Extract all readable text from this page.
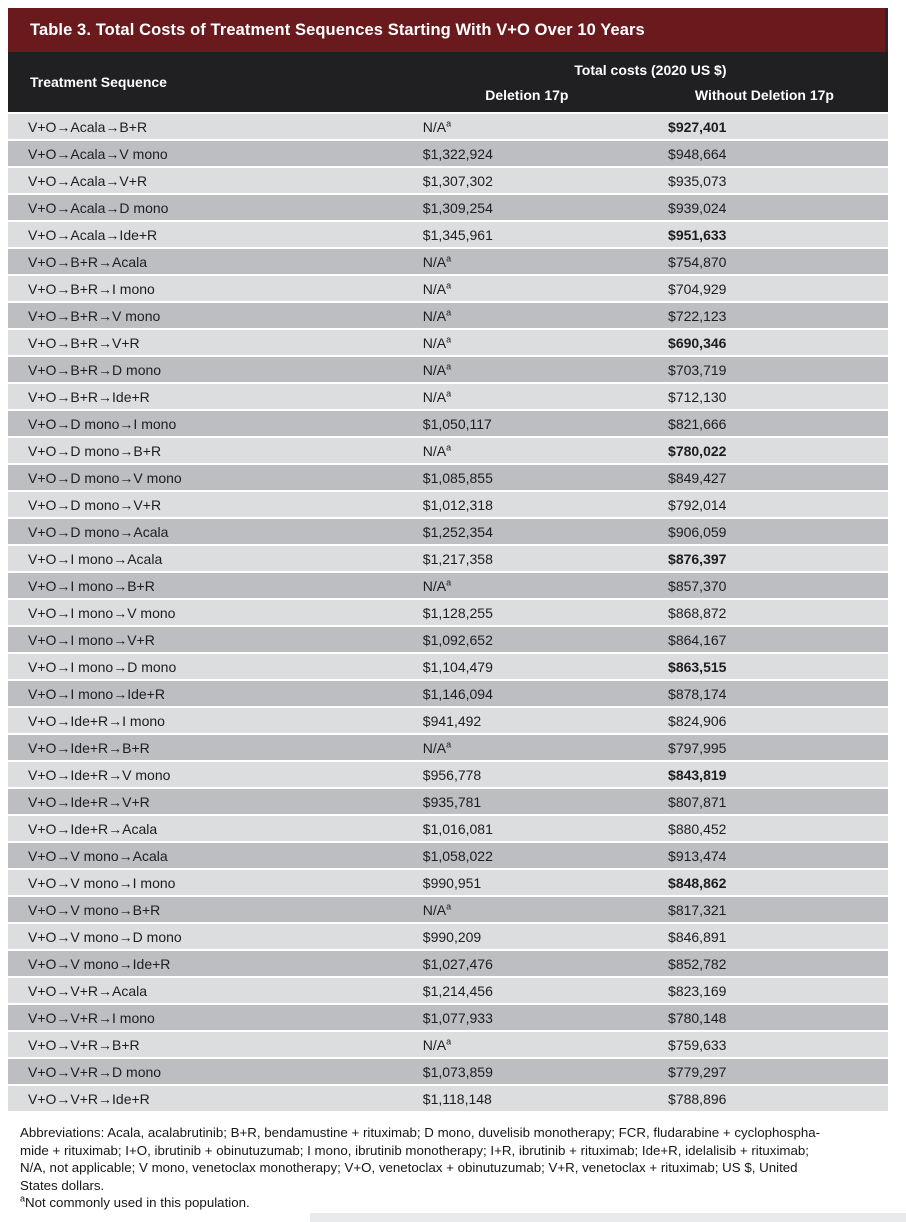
Table 3. Total Costs of Treatment Sequences Starting With V+O Over 10 Years
Treatment Sequence
Total costs (2020 US $)
Deletion 17p	Without Deletion 17p
V+O→Acala→B+R	$N/A^a$	$927,401
V+O→Acala→V mono	$1,322,924	$948,664
V+O→Acala→V+R	$1,307,302	$935,073
V+O→Acala→D mono	$1,309,254	$939,024
V+O→Acala→Ide+R	$1,345,961	$951,633
V+O→B+R→Acala	$N/A^a$	$754,870
V+O→B+R→I mono	$N/A^a$	$704,929
V+O→B+R→V mono	$N/A^a$	$722,123
V+O→B+R→V+R	$N/A^a$	$690,346
V+O→B+R→D mono	$N/A^a$	$703,719
V+O→B+R→Ide+R	$N/A^a$	$712,130
V+O→D mono→I mono	$1,050,117	$821,666
V+O→D mono→B+R	$N/A^a$	$780,022
V+O→D mono→V mono	$1,085,855	$849,427
V+O→D mono→V+R	$1,012,318	$792,014
V+O→D mono→Acala	$1,252,354	$906,059
V+O→I mono→Acala	$1,217,358	$876,397
V+O→I mono→B+R	$N/A^a$	$857,370
V+O→I mono→V mono	$1,128,255	$868,872
V+O→I mono→V+R	$1,092,652	$864,167
V+O→I mono→D mono	$1,104,479	$863,515
V+O→I mono→Ide+R	$1,146,094	$878,174
V+O→Ide+R→I mono	$941,492	$824,906
V+O→Ide+R→B+R	$N/A^a$	$797,995
V+O→Ide+R→V mono	$956,778	$843,819
V+O→Ide+R→V+R	$935,781	$807,871
V+O→Ide+R→Acala	$1,016,081	$880,452
V+O→V mono→Acala	$1,058,022	$913,474
V+O→V mono→I mono	$990,951	$848,862
V+O→V mono→B+R	$N/A^a$	$817,321
V+O→V mono→D mono	$990,209	$846,891
V+O→V mono→Ide+R	$1,027,476	$852,782
V+O→V+R→Acala	$1,214,456	$823,169
V+O→V+R→I mono	$1,077,933	$780,148
V+O→V+R→B+R	$N/A^a$	$759,633
V+O→V+R→D mono	$1,073,859	$779,297
V+O→V+R→Ide+R	$1,118,148	$788,896
Abbreviations: Acala, acalabrutinib; B+R, bendamustine + rituximab; D mono, duvelisib monotherapy; FCR, fludarabine + cyclophospha-
mide + rituximab; I+O, ibrutinib + obinutuzumab; I mono, ibrutinib monotherapy; I+R, ibrutinib + rituximab; Ide+R, idelalisib + rituximab;
N/A, not applicable; V mono, venetoclax monotherapy; V+O, venetoclax + obinutuzumab; V+R, venetoclax + rituximab; US $, United
States dollars.
$^a$Not commonly used in this population.
